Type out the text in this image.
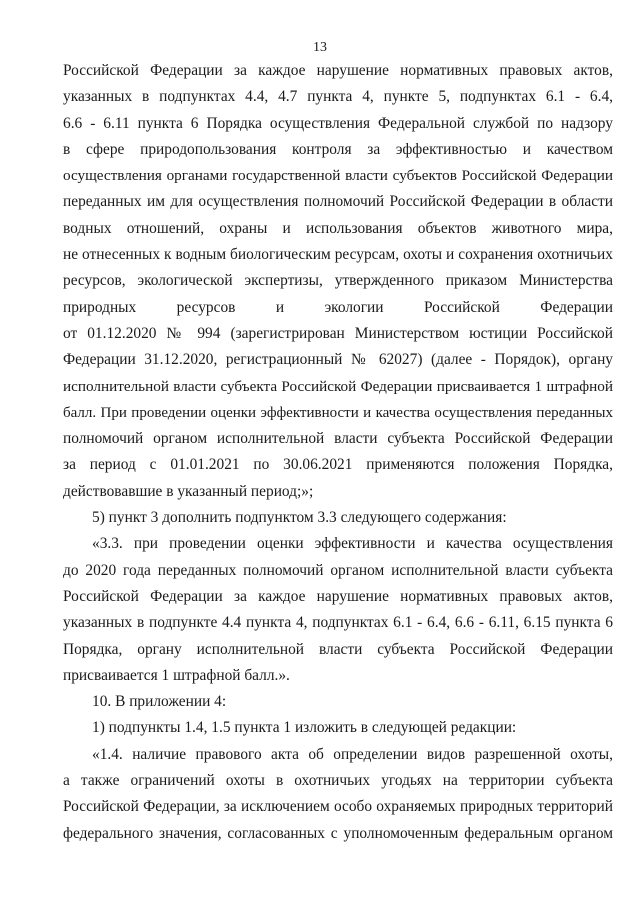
13
Российской Федерации за каждое нарушение нормативных правовых актов,
указанных в подпунктах 4.4, 4.7 пункта 4, пункте 5, подпунктах 6.1 - 6.4,
6.6 - 6.11 пункта 6 Порядка осуществления Федеральной службой по надзору
в сфере природопользования контроля за эффективностью и качеством
осуществления органами государственной власти субъектов Российской Федерации
переданных им для осуществления полномочий Российской Федерации в области
водных отношений, охраны и использования объектов животного мира,
не отнесенных к водным биологическим ресурсам, охоты и сохранения охотничьих
ресурсов, экологической экспертизы, утвержденного приказом Министерства
природных ресурсов и экологии Российской Федерации
от 01.12.2020 № 994 (зарегистрирован Министерством юстиции Российской
Федерации 31.12.2020, регистрационный № 62027) (далее - Порядок), органу
исполнительной власти субъекта Российской Федерации присваивается 1 штрафной
балл. При проведении оценки эффективности и качества осуществления переданных
полномочий органом исполнительной власти субъекта Российской Федерации
за период с 01.01.2021 по 30.06.2021 применяются положения Порядка,
действовавшие в указанный период;»;
5) пункт 3 дополнить подпунктом 3.3 следующего содержания:
«3.3. при проведении оценки эффективности и качества осуществления
до 2020 года переданных полномочий органом исполнительной власти субъекта
Российской Федерации за каждое нарушение нормативных правовых актов,
указанных в подпункте 4.4 пункта 4, подпунктах 6.1 - 6.4, 6.6 - 6.11, 6.15 пункта 6
Порядка, органу исполнительной власти субъекта Российской Федерации
присваивается 1 штрафной балл.».
10. В приложении 4:
1) подпункты 1.4, 1.5 пункта 1 изложить в следующей редакции:
«1.4. наличие правового акта об определении видов разрешенной охоты,
а также ограничений охоты в охотничьих угодьях на территории субъекта
Российской Федерации, за исключением особо охраняемых природных территорий
федерального значения, согласованных с уполномоченным федеральным органом
